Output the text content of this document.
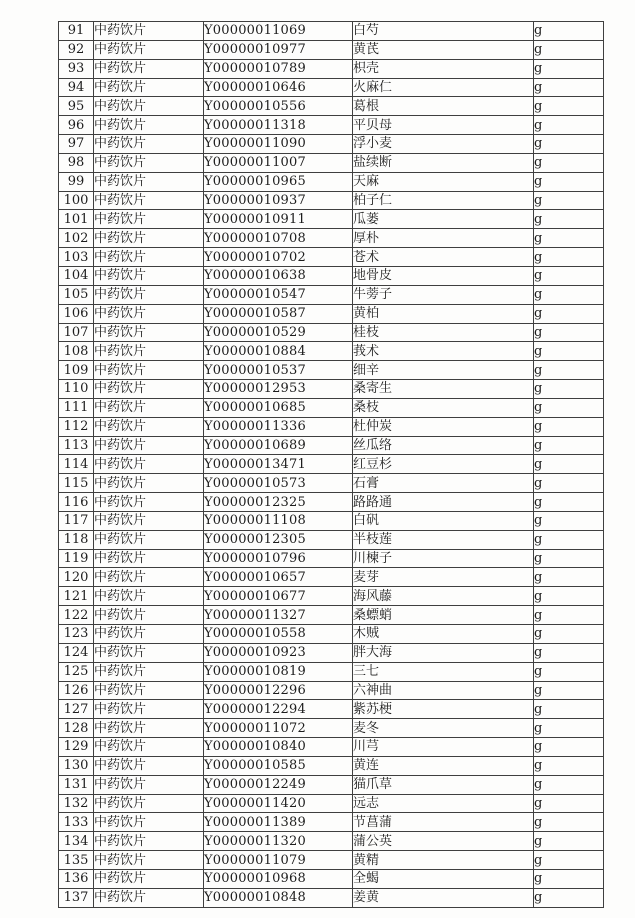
91	中药饮片	Y00000011069	白芍	g
92	中药饮片	Y00000010977	黄芪	g
93	中药饮片	Y00000010789	枳壳	g
94	中药饮片	Y00000010646	火麻仁	g
95	中药饮片	Y00000010556	葛根	g
96	中药饮片	Y00000011318	平贝母	g
97	中药饮片	Y00000011090	浮小麦	g
98	中药饮片	Y00000011007	盐续断	g
99	中药饮片	Y00000010965	天麻	g
100	中药饮片	Y00000010937	柏子仁	g
101	中药饮片	Y00000010911	瓜蒌	g
102	中药饮片	Y00000010708	厚朴	g
103	中药饮片	Y00000010702	苍术	g
104	中药饮片	Y00000010638	地骨皮	g
105	中药饮片	Y00000010547	牛蒡子	g
106	中药饮片	Y00000010587	黄柏	g
107	中药饮片	Y00000010529	桂枝	g
108	中药饮片	Y00000010884	莪术	g
109	中药饮片	Y00000010537	细辛	g
110	中药饮片	Y00000012953	桑寄生	g
111	中药饮片	Y00000010685	桑枝	g
112	中药饮片	Y00000011336	杜仲炭	g
113	中药饮片	Y00000010689	丝瓜络	g
114	中药饮片	Y00000013471	红豆杉	g
115	中药饮片	Y00000010573	石膏	g
116	中药饮片	Y00000012325	路路通	g
117	中药饮片	Y00000011108	白矾	g
118	中药饮片	Y00000012305	半枝莲	g
119	中药饮片	Y00000010796	川楝子	g
120	中药饮片	Y00000010657	麦芽	g
121	中药饮片	Y00000010677	海风藤	g
122	中药饮片	Y00000011327	桑螵蛸	g
123	中药饮片	Y00000010558	木贼	g
124	中药饮片	Y00000010923	胖大海	g
125	中药饮片	Y00000010819	三七	g
126	中药饮片	Y00000012296	六神曲	g
127	中药饮片	Y00000012294	紫苏梗	g
128	中药饮片	Y00000011072	麦冬	g
129	中药饮片	Y00000010840	川芎	g
130	中药饮片	Y00000010585	黄连	g
131	中药饮片	Y00000012249	猫爪草	g
132	中药饮片	Y00000011420	远志	g
133	中药饮片	Y00000011389	节菖蒲	g
134	中药饮片	Y00000011320	蒲公英	g
135	中药饮片	Y00000011079	黄精	g
136	中药饮片	Y00000010968	全蝎	g
137	中药饮片	Y00000010848	姜黄	g
